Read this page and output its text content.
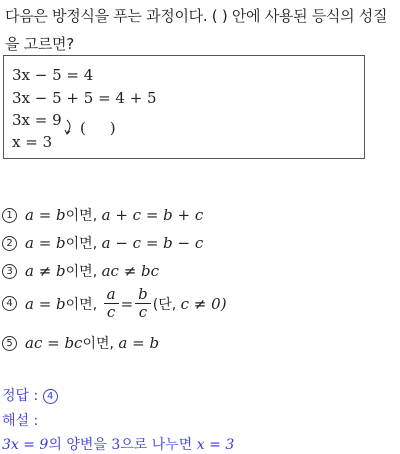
다음은 방정식을 푸는 과정이다. ( ) 안에 사용된 등식의 성질을 고르면?
3x − 5 = 4
3x − 5 + 5 = 4 + 5
3x = 9 (     )
x = 3
1 a = b 이면,
a + c = b + c
2 a = b 이면,
a − c = b − c
3 a ≠ b 이면,
ac ≠ bc
4 a = b 이면,
$\frac{a}{c} = \frac{b}{c}$ (단,
c ≠ 0)
5 ac = bc 이면,
a = b
정답 : 4
해설 :
3x = 9의 양변을 3으로 나누면 x = 3
